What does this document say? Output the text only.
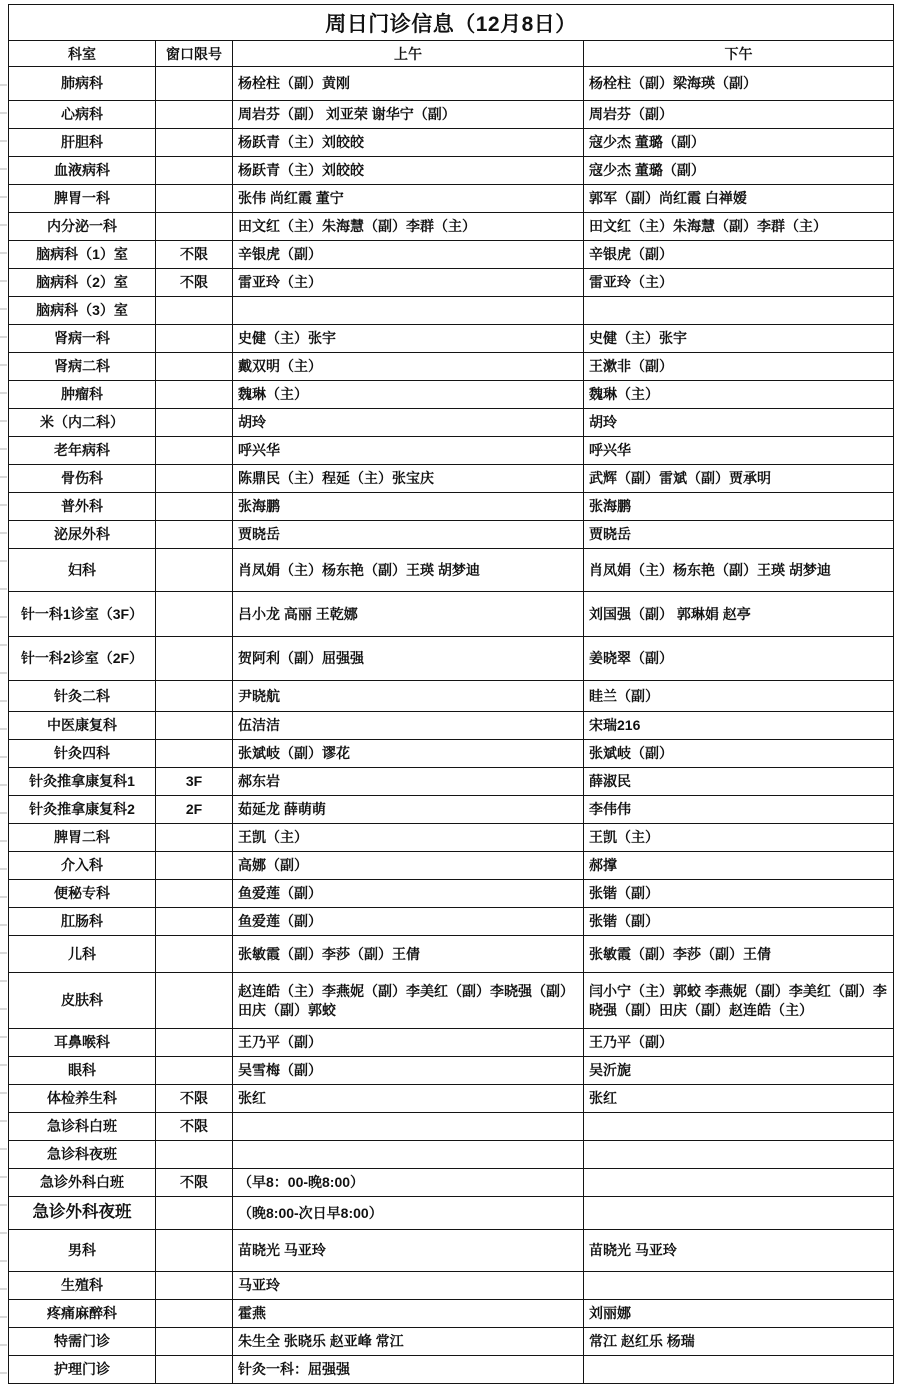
周日门诊信息（12月8日）			
科室	窗口限号	上午	下午
肺病科		杨栓柱（副）黄刚	杨栓柱（副）梁海瑛（副）
心病科		周岩芬（副） 刘亚荣 谢华宁（副）	周岩芬（副）
肝胆科		杨跃青（主）刘皎皎	寇少杰 董璐（副）
血液病科		杨跃青（主）刘皎皎	寇少杰 董璐（副）
脾胃一科		张伟 尚红霞 董宁	郭军（副）尚红霞 白禅嫒
内分泌一科		田文红（主）朱海慧（副）李群（主）	田文红（主）朱海慧（副）李群（主）
脑病科（1）室	不限	辛银虎（副）	辛银虎（副）
脑病科（2）室	不限	雷亚玲（主）	雷亚玲（主）
脑病科（3）室			
肾病一科		史健（主）张宇	史健（主）张宇
肾病二科		戴双明（主）	王漱非（副）
肿瘤科		魏琳（主）	魏琳（主）
米（内二科）		胡玲	胡玲
老年病科		呼兴华	呼兴华
骨伤科		陈鼎民（主）程延（主）张宝庆	武辉（副）雷斌（副）贾承明
普外科		张海鹏	张海鹏
泌尿外科		贾晓岳	贾晓岳
妇科		肖凤娟（主）杨东艳（副）王瑛 胡梦迪	肖凤娟（主）杨东艳（副）王瑛 胡梦迪
针一科1诊室（3F）		吕小龙 高丽 王乾娜	刘国强（副） 郭琳娟 赵亭
针一科2诊室（2F）		贺阿利（副）屈强强	姜晓翠（副）
针灸二科		尹晓航	眭兰（副）
中医康复科		伍洁洁	宋瑞216
针灸四科		张斌岐（副）谬花	张斌岐（副）
针灸推拿康复科1	3F	郝东岩	薛淑民
针灸推拿康复科2	2F	茹延龙 薛萌萌	李伟伟
脾胃二科		王凯（主）	王凯（主）
介入科		高娜（副）	郝撑
便秘专科		鱼爱莲（副）	张锴（副）
肛肠科		鱼爱莲（副）	张锴（副）
儿科		张敏霞（副）李莎（副）王倩	张敏霞（副）李莎（副）王倩
皮肤科		赵连皓（主）李燕妮（副）李美红（副）李晓强（副）田庆（副）郭蛟	闫小宁（主）郭蛟 李燕妮（副）李美红（副）李晓强（副）田庆（副）赵连皓（主）
耳鼻喉科		王乃平（副）	王乃平（副）
眼科		吴雪梅（副）	吴沂旎
体检养生科	不限	张红	张红
急诊科白班	不限		
急诊科夜班			
急诊外科白班	不限	（早8：00-晚8:00）	
急诊外科夜班		（晚8:00-次日早8:00）	
男科		苗晓光 马亚玲	苗晓光 马亚玲
生殖科		马亚玲	
疼痛麻醉科		霍燕	刘丽娜
特需门诊		朱生全 张晓乐 赵亚峰 常江	常江 赵红乐 杨瑞
护理门诊		针灸一科：屈强强	
